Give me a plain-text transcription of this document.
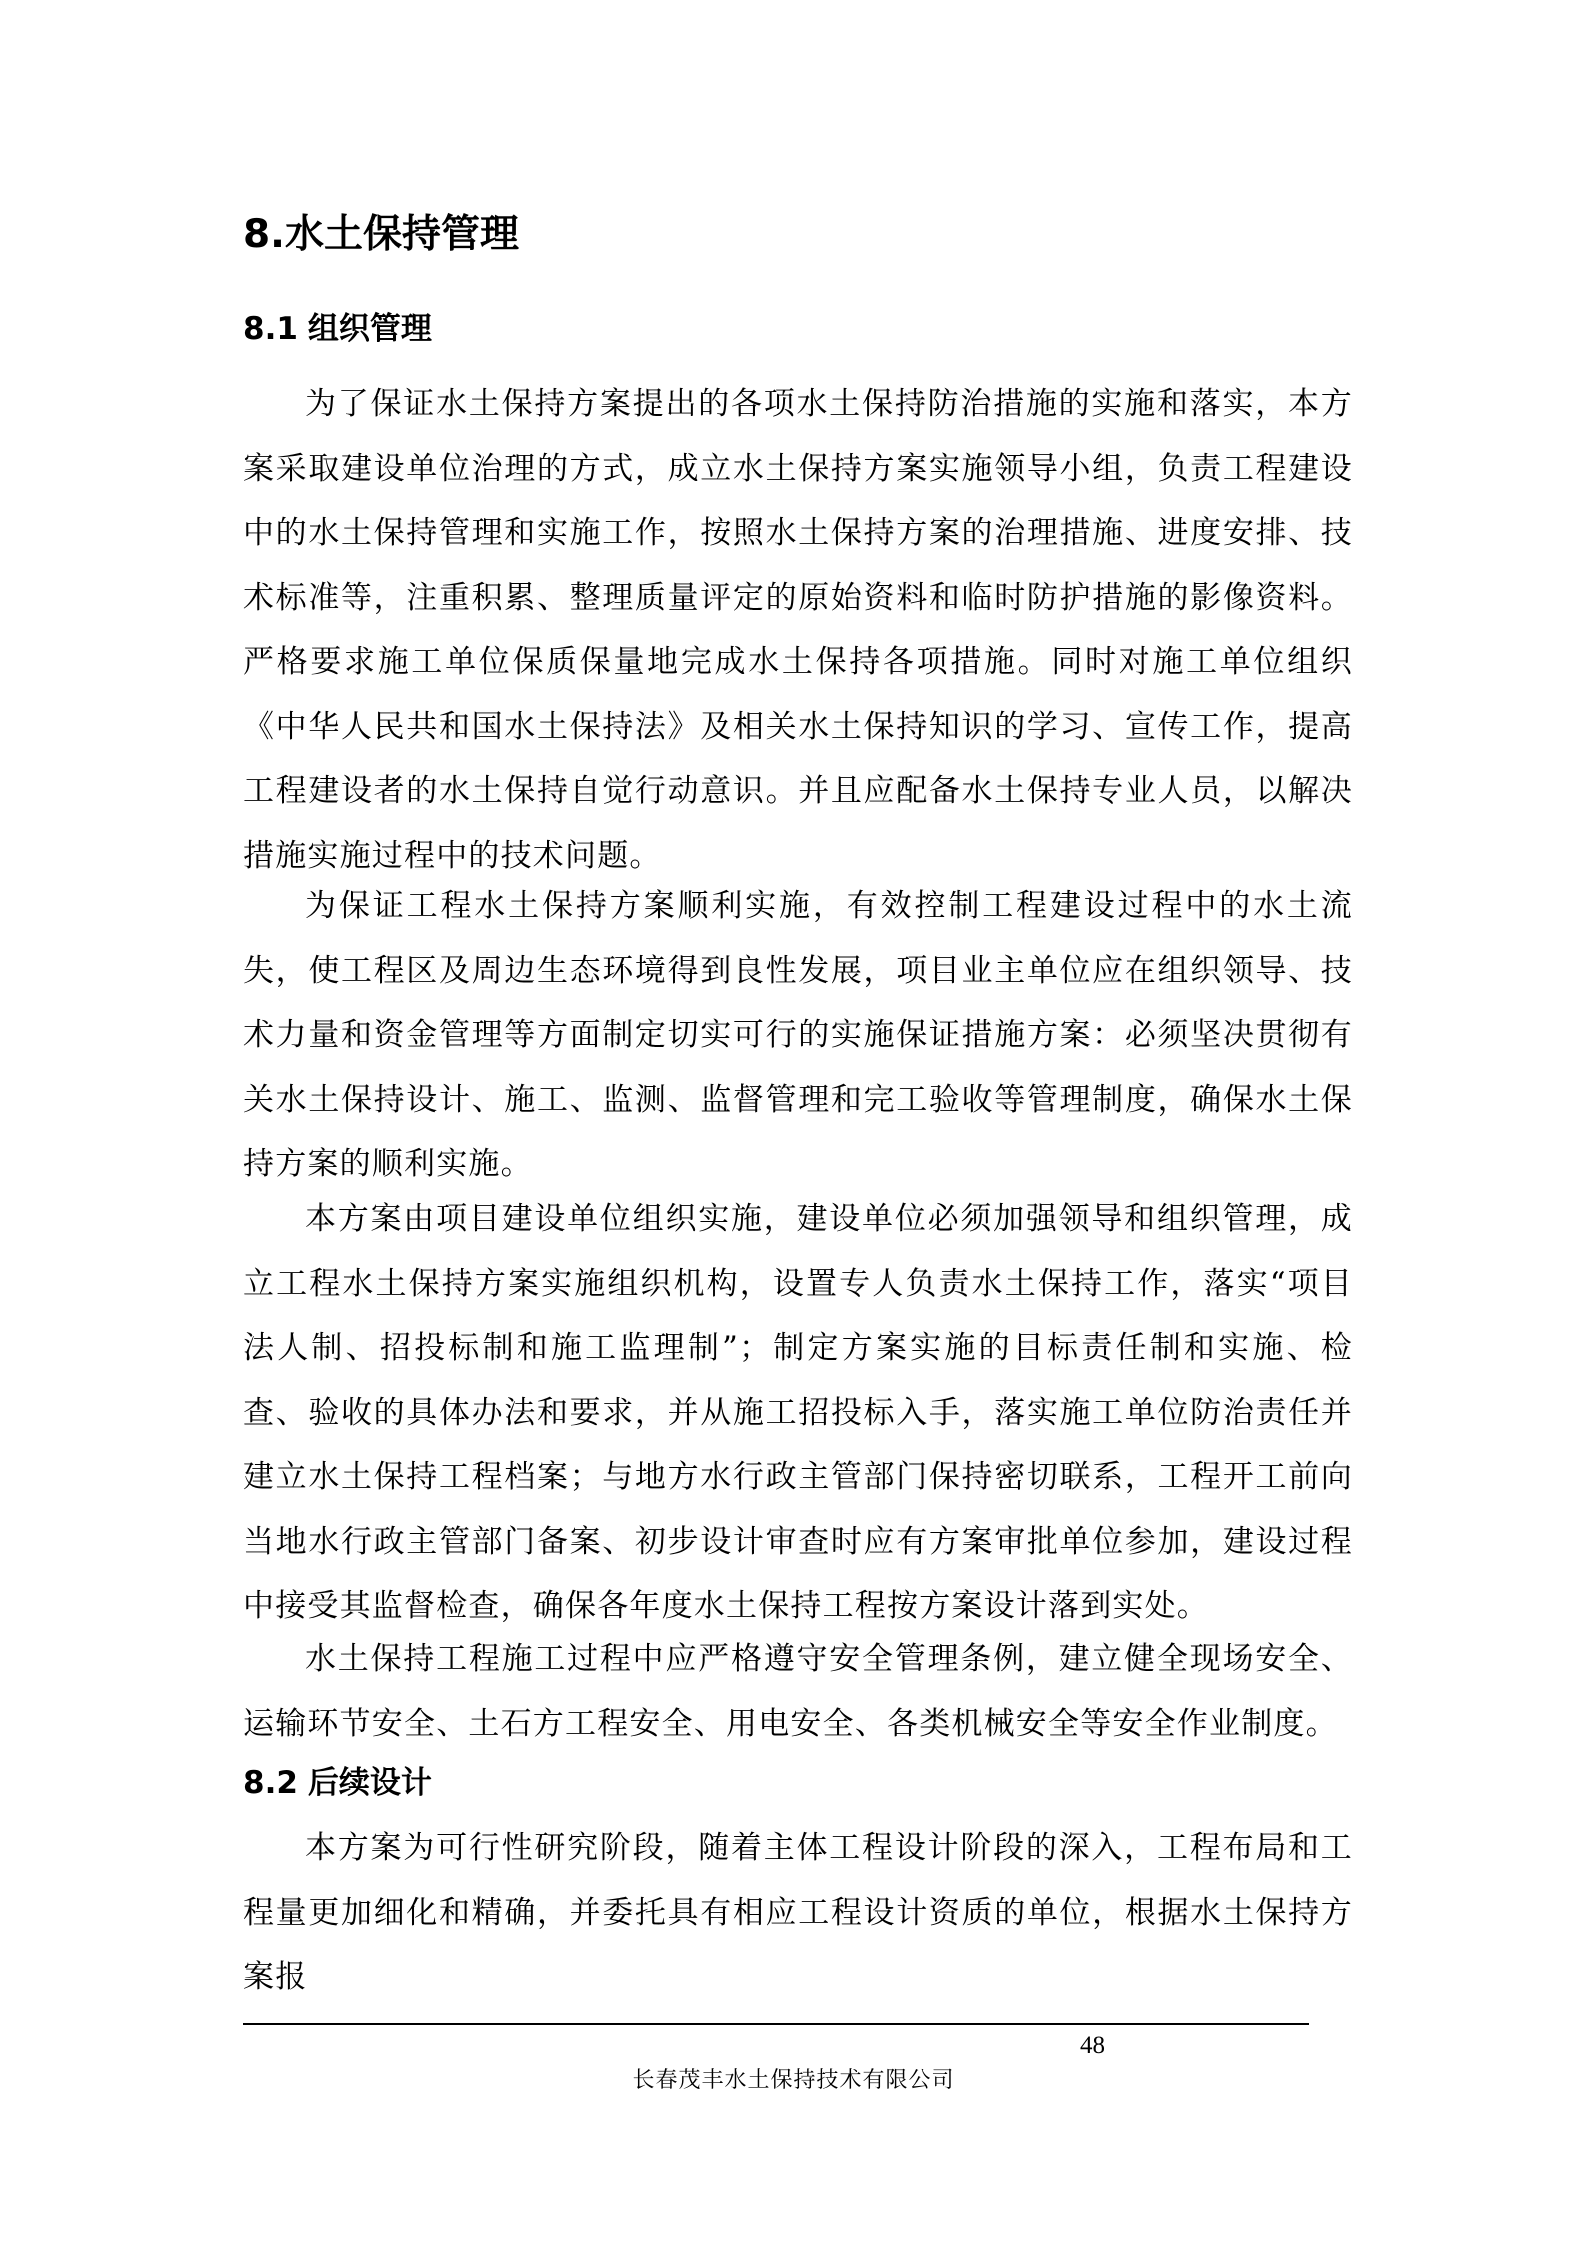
8.水土保持管理
8.1 组织管理

为了保证水土保持方案提出的各项水土保持防治措施的实施和落实，本方案采取建设单位治理的方式，成立水土保持方案实施领导小组，负责工程建设中的水土保持管理和实施工作，按照水土保持方案的治理措施、进度安排、技术标准等，注重积累、整理质量评定的原始资料和临时防护措施的影像资料。严格要求施工单位保质保量地完成水土保持各项措施。同时对施工单位组织《中华人民共和国水土保持法》及相关水土保持知识的学习、宣传工作，提高工程建设者的水土保持自觉行动意识。并且应配备水土保持专业人员，以解决措施实施过程中的技术问题。

为保证工程水土保持方案顺利实施，有效控制工程建设过程中的水土流失，使工程区及周边生态环境得到良性发展，项目业主单位应在组织领导、技术力量和资金管理等方面制定切实可行的实施保证措施方案：必须坚决贯彻有关水土保持设计、施工、监测、监督管理和完工验收等管理制度，确保水土保持方案的顺利实施。

本方案由项目建设单位组织实施，建设单位必须加强领导和组织管理，成立工程水土保持方案实施组织机构，设置专人负责水土保持工作，落实“项目法人制、招投标制和施工监理制”；制定方案实施的目标责任制和实施、检查、验收的具体办法和要求，并从施工招投标入手，落实施工单位防治责任并建立水土保持工程档案；与地方水行政主管部门保持密切联系，工程开工前向当地水行政主管部门备案、初步设计审查时应有方案审批单位参加，建设过程中接受其监督检查，确保各年度水土保持工程按方案设计落到实处。

水土保持工程施工过程中应严格遵守安全管理条例，建立健全现场安全、运输环节安全、土石方工程安全、用电安全、各类机械安全等安全作业制度。

8.2 后续设计

本方案为可行性研究阶段，随着主体工程设计阶段的深入，工程布局和工程量更加细化和精确，并委托具有相应工程设计资质的单位，根据水土保持方案报

48
长春茂丰水土保持技术有限公司
